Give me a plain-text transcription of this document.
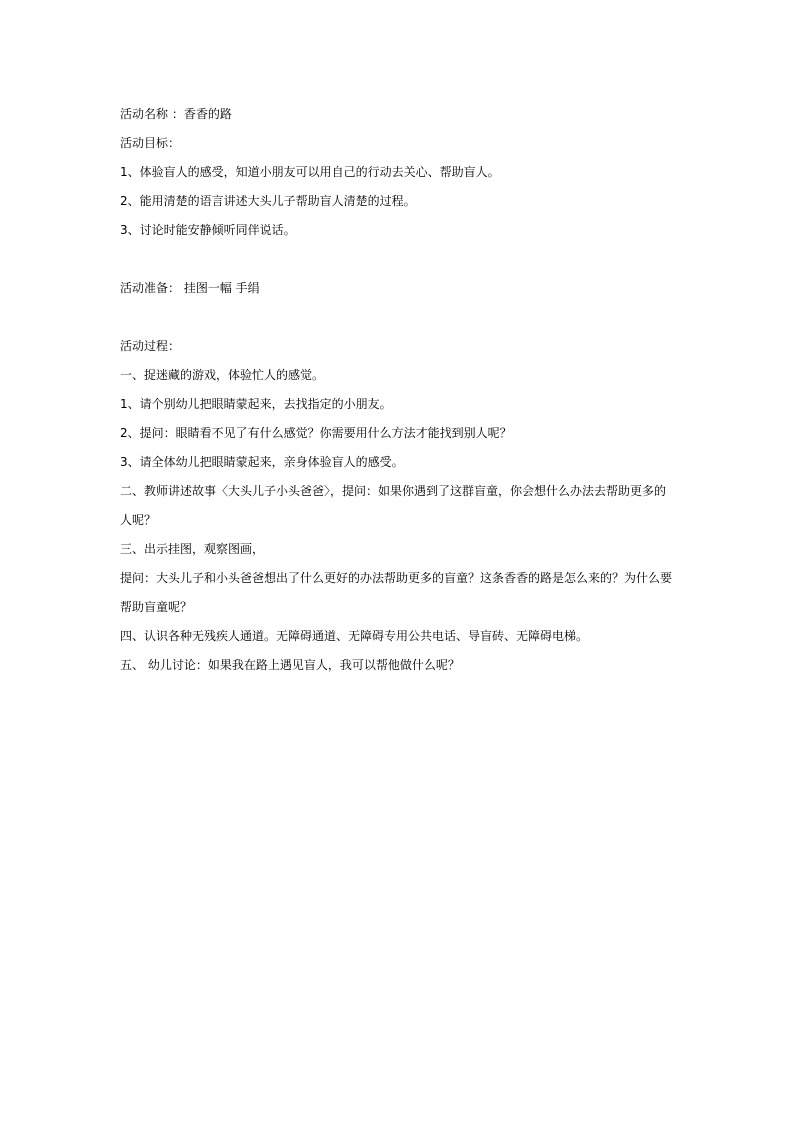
活动名称 ：香香的路
活动目标：
1、体验盲人的感受，知道小朋友可以用自己的行动去关心、帮助盲人。
2、能用清楚的语言讲述大头儿子帮助盲人清楚的过程。
3、讨论时能安静倾听同伴说话。
活动准备： 挂图一幅 手绢
活动过程：
一、捉迷藏的游戏，体验忙人的感觉。
1、请个别幼儿把眼睛蒙起来，去找指定的小朋友。
2、提问：眼睛看不见了有什么感觉？你需要用什么方法才能找到别人呢？
3、请全体幼儿把眼睛蒙起来，亲身体验盲人的感受。
二、教师讲述故事〈大头儿子小头爸爸〉，提问：如果你遇到了这群盲童，你会想什么办法去帮助更多的
人呢？
三、出示挂图，观察图画，
提问：大头儿子和小头爸爸想出了什么更好的办法帮助更多的盲童？这条香香的路是怎么来的？为什么要
帮助盲童呢？
四、认识各种无残疾人通道。无障碍通道、无障碍专用公共电话、导盲砖、无障碍电梯。
五、 幼儿讨论：如果我在路上遇见盲人，我可以帮他做什么呢？
